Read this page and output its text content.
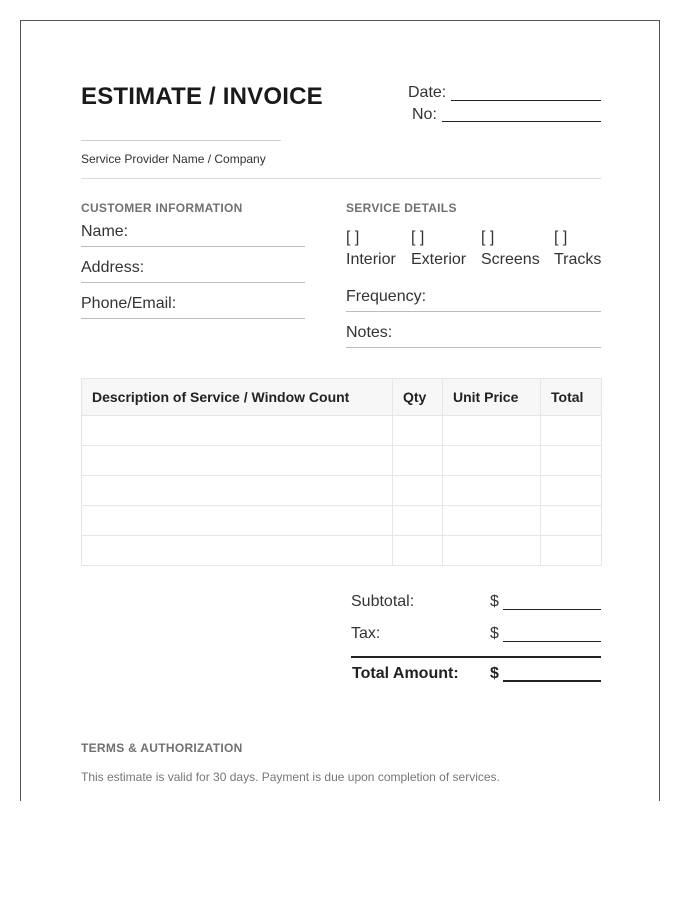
ESTIMATE / INVOICE	Date:
No:
Service Provider Name / Company
CUSTOMER INFORMATION
Name:
Address:
Phone/Email:
SERVICE DETAILS
[ ]
Interior
[ ]
Exterior
[ ]
Screens
[ ]
Tracks
Frequency:
Notes:
Description of Service / Window Count	Qty	Unit Price	Total

Subtotal:	$
Tax:	$
Total Amount: $
TERMS & AUTHORIZATION
This estimate is valid for 30 days. Payment is due upon completion of services.
